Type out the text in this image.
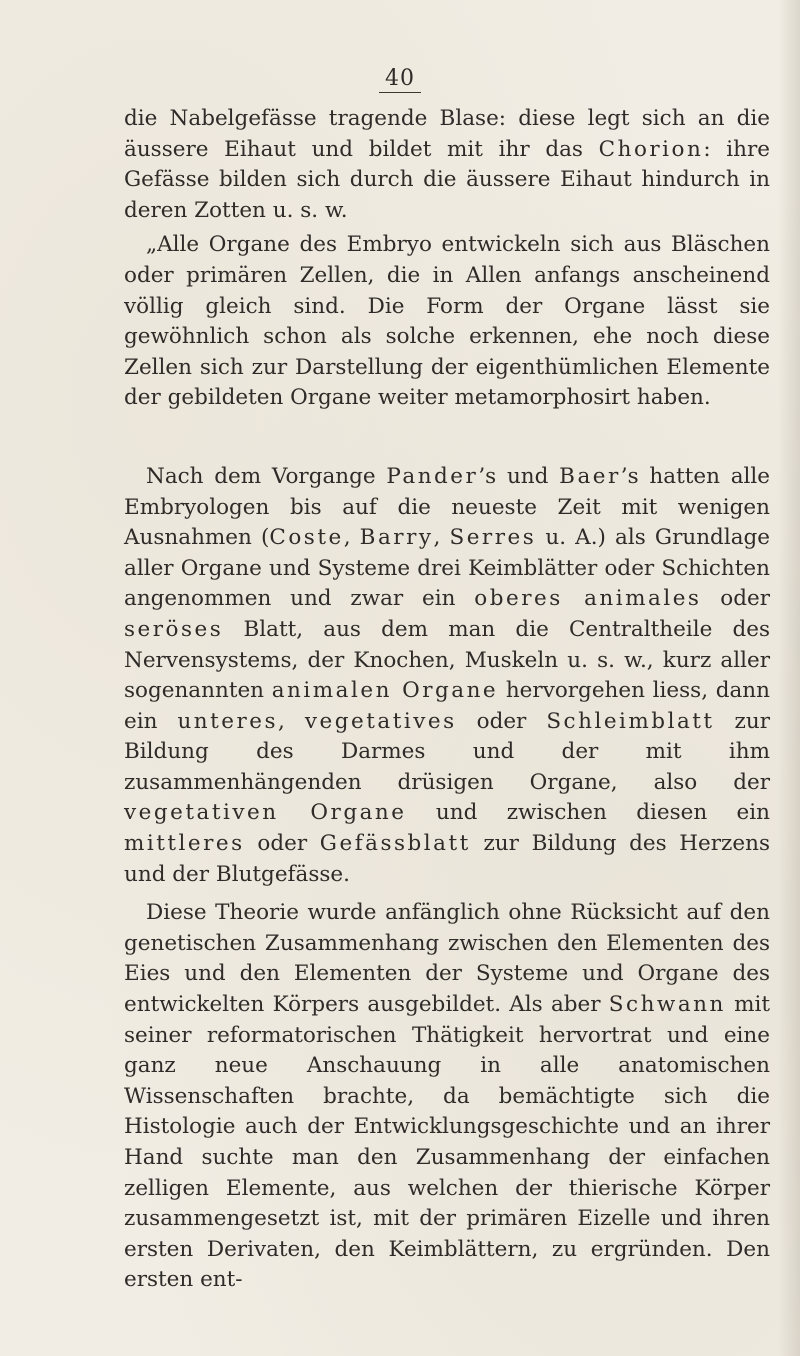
40

die Nabelgefässe tragende Blase: diese legt sich an die äussere Eihaut und bildet mit ihr das Chorion: ihre Gefässe bilden sich durch die äussere Eihaut hindurch in deren Zotten u. s. w.

„Alle Organe des Embryo entwickeln sich aus Bläschen oder primären Zellen, die in Allen anfangs anscheinend völlig gleich sind. Die Form der Organe lässt sie gewöhnlich schon als solche erkennen, ehe noch diese Zellen sich zur Darstellung der eigenthümlichen Elemente der gebildeten Organe weiter metamorphosirt haben.

Nach dem Vorgange Pander’s und Baer’s hatten alle Embryologen bis auf die neueste Zeit mit wenigen Ausnahmen (Coste, Barry, Serres u. A.) als Grundlage aller Organe und Systeme drei Keimblätter oder Schichten angenommen und zwar ein oberes animales oder seröses Blatt, aus dem man die Centraltheile des Nervensystems, der Knochen, Muskeln u. s. w., kurz aller sogenannten animalen Organe hervorgehen liess, dann ein unteres, vegetatives oder Schleimblatt zur Bildung des Darmes und der mit ihm zusammenhängenden drüsigen Organe, also der vegetativen Organe und zwischen diesen ein mittleres oder Gefässblatt zur Bildung des Herzens und der Blutgefässe.

Diese Theorie wurde anfänglich ohne Rücksicht auf den genetischen Zusammenhang zwischen den Elementen des Eies und den Elementen der Systeme und Organe des entwickelten Körpers ausgebildet. Als aber Schwann mit seiner reformatorischen Thätigkeit hervortrat und eine ganz neue Anschauung in alle anatomischen Wissenschaften brachte, da bemächtigte sich die Histologie auch der Entwicklungsgeschichte und an ihrer Hand suchte man den Zusammenhang der einfachen zelligen Elemente, aus welchen der thierische Körper zusammengesetzt ist, mit der primären Eizelle und ihren ersten Derivaten, den Keimblättern, zu ergründen. Den ersten ent-
